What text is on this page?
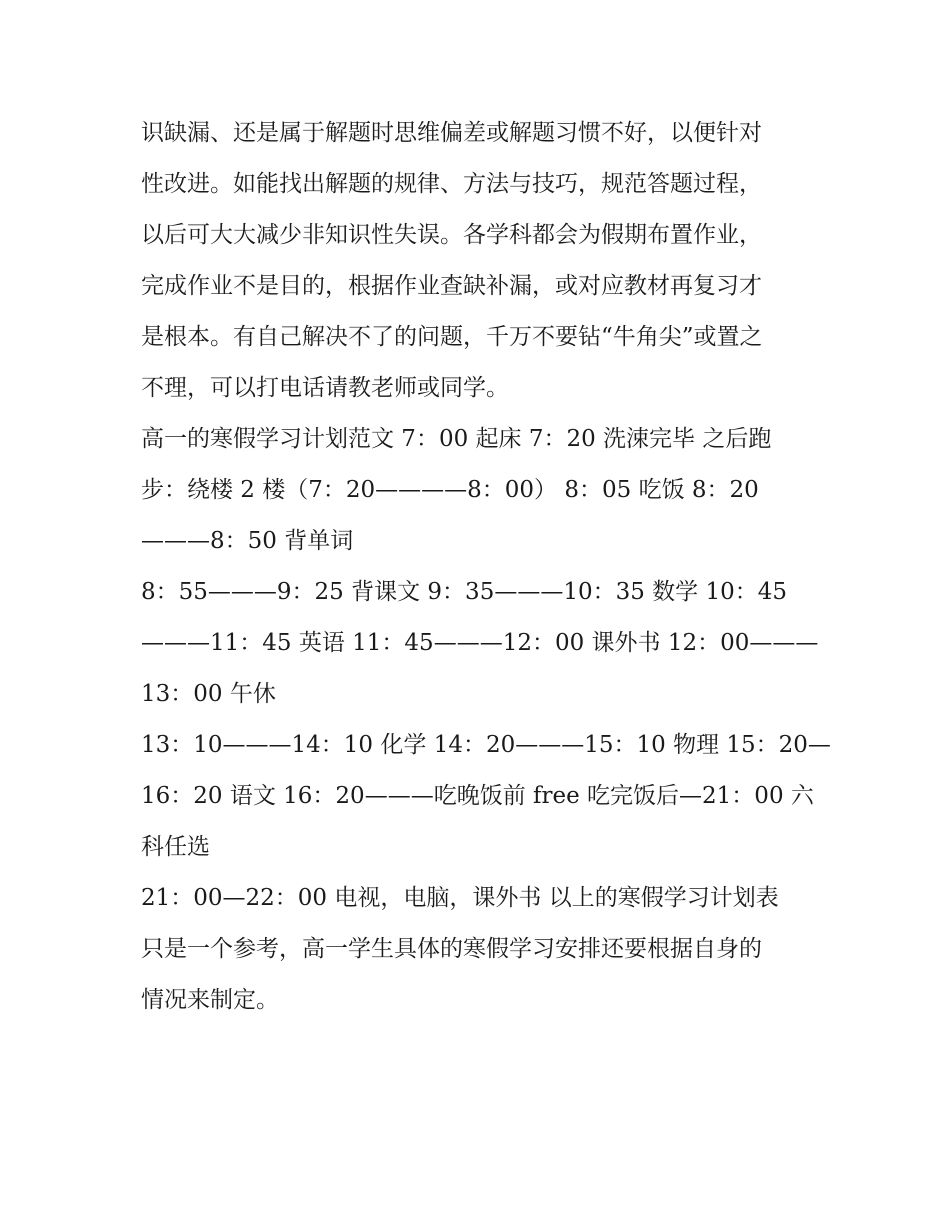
识缺漏、还是属于解题时思维偏差或解题习惯不好，以便针对
性改进。如能找出解题的规律、方法与技巧，规范答题过程，
以后可大大减少非知识性失误。各学科都会为假期布置作业，
完成作业不是目的，根据作业查缺补漏，或对应教材再复习才
是根本。有自己解决不了的问题，千万不要钻“牛角尖”或置之
不理，可以打电话请教老师或同学。
高一的寒假学习计划范文 7：00 起床 7：20 洗涑完毕 之后跑
步：绕楼 2 楼（7：20————8：00） 8：05 吃饭 8：20
———8：50 背单词
8：55———9：25 背课文 9：35———10：35 数学 10：45
———11：45 英语 11：45———12：00 课外书 12：00———
13：00 午休
13：10———14：10 化学 14：20———15：10 物理 15：20—
16：20 语文 16：20———吃晚饭前 free 吃完饭后—21：00 六
科任选
21：00—22：00 电视，电脑，课外书 以上的寒假学习计划表
只是一个参考，高一学生具体的寒假学习安排还要根据自身的
情况来制定。
